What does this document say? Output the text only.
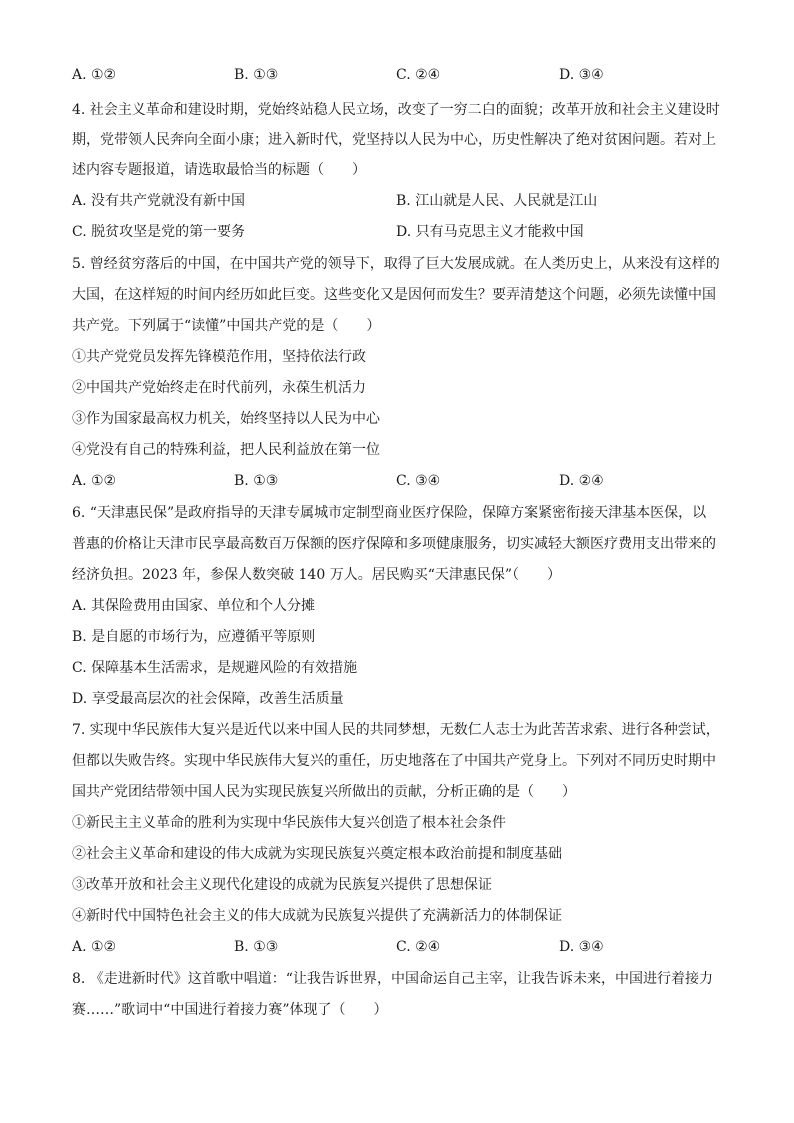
A. ①②	B. ①③	C. ②④	D. ③④
4. 社会主义革命和建设时期，党始终站稳人民立场，改变了一穷二白的面貌；改革开放和社会主义建设时
期，党带领人民奔向全面小康；进入新时代，党坚持以人民为中心，历史性解决了绝对贫困问题。若对上
述内容专题报道，请选取最恰当的标题（　　）
A. 没有共产党就没有新中国	B. 江山就是人民、人民就是江山
C. 脱贫攻坚是党的第一要务	D. 只有马克思主义才能救中国
5. 曾经贫穷落后的中国，在中国共产党的领导下，取得了巨大发展成就。在人类历史上，从来没有这样的
大国，在这样短的时间内经历如此巨变。这些变化又是因何而发生？要弄清楚这个问题，必须先读懂中国
共产党。下列属于“读懂”中国共产党的是（　　）
①共产党党员发挥先锋模范作用，坚持依法行政
②中国共产党始终走在时代前列，永葆生机活力
③作为国家最高权力机关，始终坚持以人民为中心
④党没有自己的特殊利益，把人民利益放在第一位
A. ①②	B. ①③	C. ③④	D. ②④
6. “天津惠民保”是政府指导的天津专属城市定制型商业医疗保险，保障方案紧密衔接天津基本医保，以
普惠的价格让天津市民享最高数百万保额的医疗保障和多项健康服务，切实减轻大额医疗费用支出带来的
经济负担。2023 年，参保人数突破 140 万人。居民购买“天津惠民保”（　　）
A. 其保险费用由国家、单位和个人分摊
B. 是自愿的市场行为，应遵循平等原则
C. 保障基本生活需求，是规避风险的有效措施
D. 享受最高层次的社会保障，改善生活质量
7. 实现中华民族伟大复兴是近代以来中国人民的共同梦想，无数仁人志士为此苦苦求索、进行各种尝试，
但都以失败告终。实现中华民族伟大复兴的重任，历史地落在了中国共产党身上。下列对不同历史时期中
国共产党团结带领中国人民为实现民族复兴所做出的贡献，分析正确的是（　　）
①新民主主义革命的胜利为实现中华民族伟大复兴创造了根本社会条件
②社会主义革命和建设的伟大成就为实现民族复兴奠定根本政治前提和制度基础
③改革开放和社会主义现代化建设的成就为民族复兴提供了思想保证
④新时代中国特色社会主义的伟大成就为民族复兴提供了充满新活力的体制保证
A. ①②	B. ①③	C. ②④	D. ③④
8. 《走进新时代》这首歌中唱道：“让我告诉世界，中国命运自己主宰，让我告诉未来，中国进行着接力
赛……”歌词中“中国进行着接力赛”体现了（　　）
